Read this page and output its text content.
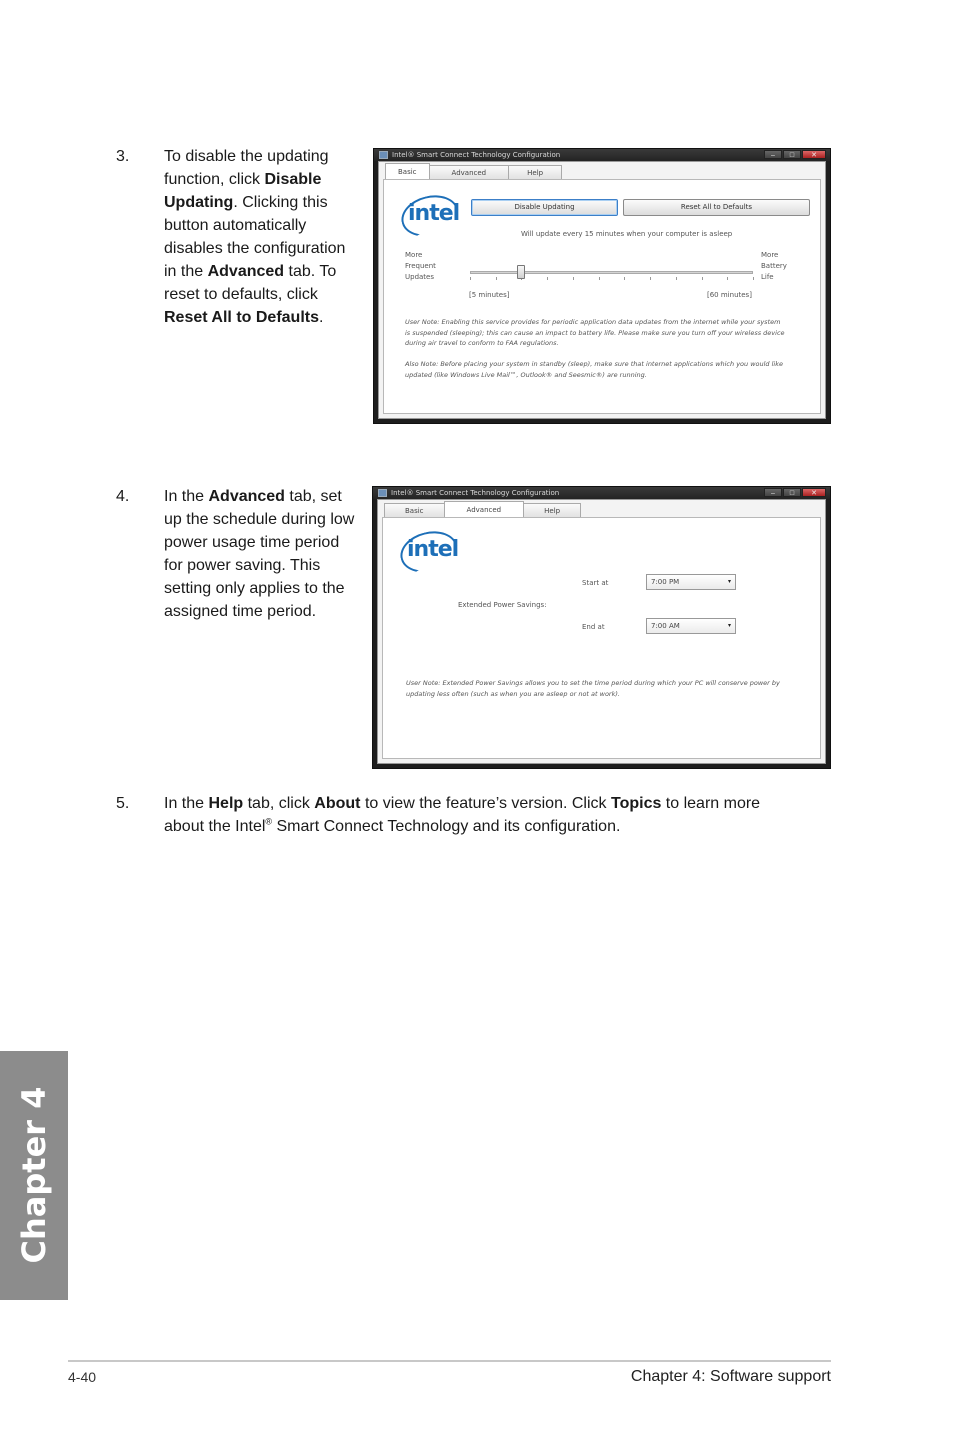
3. To disable the updating
function, click Disable
Updating. Clicking this
button automatically
disables the configuration
in the Advanced tab. To
reset to defaults, click
Reset All to Defaults.
Intel® Smart Connect Technology Configuration	–	□	✕
Basic	Advanced	Help
intel	Disable Updating	Reset All to Defaults
Will update every 15 minutes when your computer is asleep
More
Frequent
Updates
More
Battery
Life
[5 minutes]	[60 minutes]
User Note: Enabling this service provides for periodic application data updates from the internet while your system
is suspended (sleeping); this can cause an impact to battery life. Please make sure you turn off your wireless device
during air travel to conform to FAA regulations.
Also Note: Before placing your system in standby (sleep), make sure that internet applications which you would like
updated (like Windows Live Mail™, Outlook® and Seesmic®) are running.
4. In the Advanced tab, set
up the schedule during low
power usage time period
for power saving. This
setting only applies to the
assigned time period.
Intel® Smart Connect Technology Configuration	–	□	✕
Basic	Advanced	Help
intel
Extended Power Savings:
Start at	7:00 PM	▾
End at	7:00 AM	▾
User Note: Extended Power Savings allows you to set the time period during which your PC will conserve power by
updating less often (such as when you are asleep or not at work).
5. In the Help tab, click About to view the feature’s version. Click Topics to learn more
about the Intel® Smart Connect Technology and its configuration.
Chapter 4
4-40	Chapter 4: Software support
